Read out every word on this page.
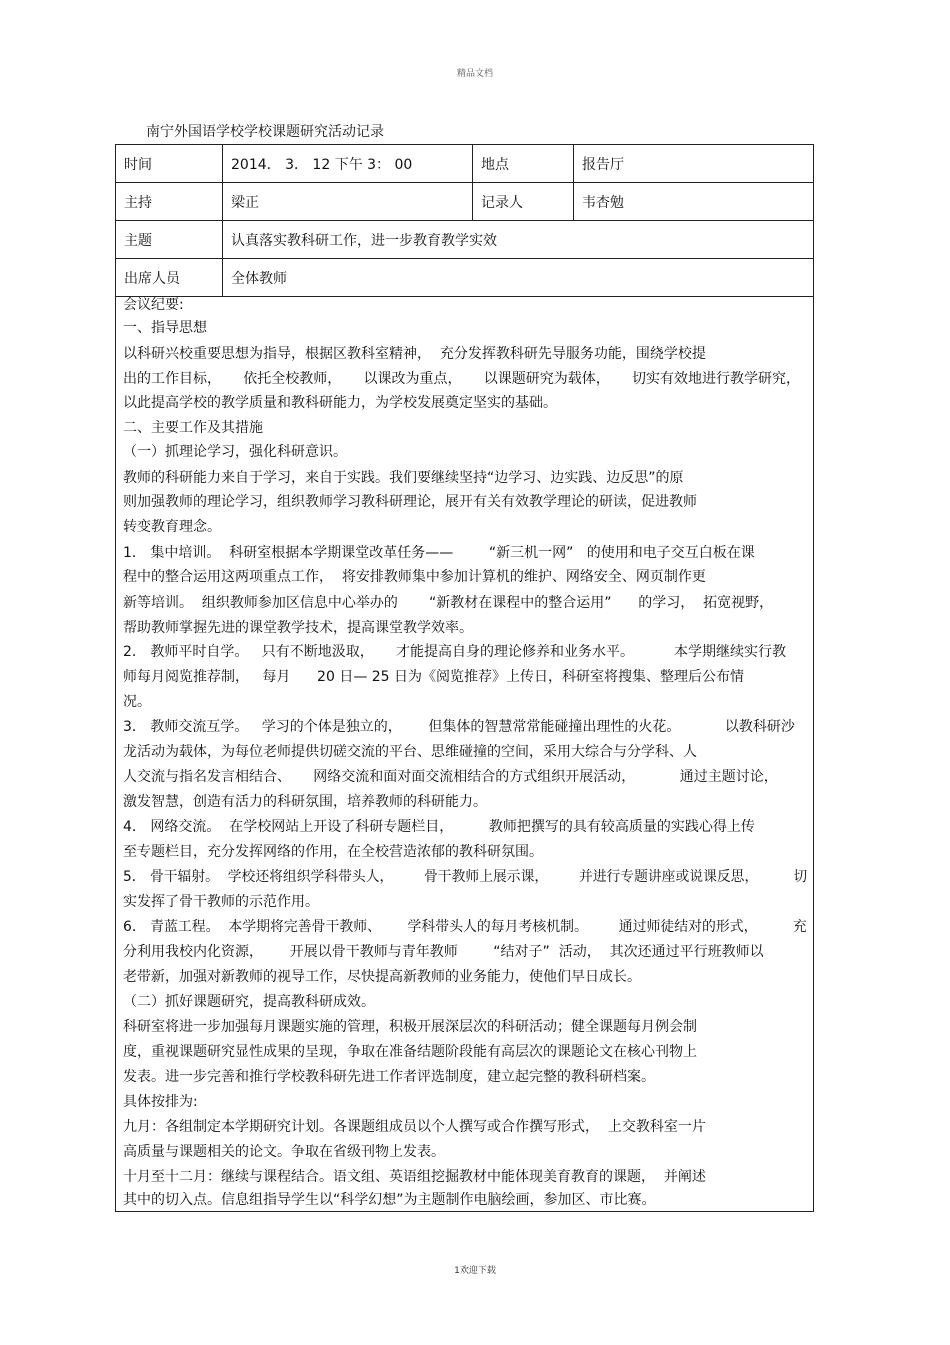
精品文档
南宁外国语学校学校课题研究活动记录
时间	2014． 3． 12 下午 3： 00	地点	报告厅
主持	梁正	记录人	韦杏勉
主题	认真落实教科研工作，进一步教育教学实效		
出席人员	全体教师		
会议纪要:
一、指导思想
以科研兴校重要思想为指导，根据区教科室精神，  充分发挥教科研先导服务功能，围绕学校提
出的工作目标，     依托全校教师，     以课改为重点，     以课题研究为载体，     切实有效地进行教学研究，
以此提高学校的教学质量和教科研能力，为学校发展奠定坚实的基础。
二、主要工作及其措施
（一）抓理论学习，强化科研意识。
教师的科研能力来自于学习，来自于实践。我们要继续坚持“边学习、边实践、边反思”的原
则加强教师的理论学习，组织教师学习教科研理论，展开有关有效教学理论的研读，促进教师
转变教育理念。
1． 集中培训。  科研室根据本学期课堂改革任务——        “新三机一网”   的使用和电子交互白板在课
程中的整合运用这两项重点工作，  将安排教师集中参加计算机的维护、网络安全、网页制作更
新等培训。  组织教师参加区信息中心举办的       “新教材在课程中的整合运用”      的学习，  拓宽视野，
帮助教师掌握先进的课堂教学技术，提高课堂教学效率。
2． 教师平时自学。   只有不断地汲取，     才能提高自身的理论修养和业务水平。         本学期继续实行教
师每月阅览推荐制，   每月      20 日— 25 日为《阅览推荐》上传日，科研室将搜集、整理后公布情
况。
3． 教师交流互学。   学习的个体是独立的，      但集体的智慧常常能碰撞出理性的火花。          以教科研沙
龙活动为载体，为每位老师提供切磋交流的平台、思维碰撞的空间，采用大综合与分学科、人
人交流与指名发言相结合、     网络交流和面对面交流相结合的方式组织开展活动，          通过主题讨论，
激发智慧，创造有活力的科研氛围，培养教师的科研能力。
4． 网络交流。  在学校网站上开设了科研专题栏目，        教师把撰写的具有较高质量的实践心得上传
至专题栏目，充分发挥网络的作用，在全校营造浓郁的教科研氛围。
5． 骨干辐射。  学校还将组织学科带头人，       骨干教师上展示课，       并进行专题讲座或说课反思，        切
实发挥了骨干教师的示范作用。
6． 青蓝工程。  本学期将完善骨干教师、      学科带头人的每月考核机制。       通过师徒结对的形式，        充
分利用我校内化资源，      开展以骨干教师与青年教师        “结对子”  活动，  其次还通过平行班教师以
老带新，加强对新教师的视导工作，尽快提高新教师的业务能力，使他们早日成长。
（二）抓好课题研究，提高教科研成效。
科研室将进一步加强每月课题实施的管理，积极开展深层次的科研活动；健全课题每月例会制
度，重视课题研究显性成果的呈现，争取在准备结题阶段能有高层次的课题论文在核心刊物上
发表。进一步完善和推行学校教科研先进工作者评选制度，建立起完整的教科研档案。
具体按排为:
九月：各组制定本学期研究计划。各课题组成员以个人撰写或合作撰写形式，  上交教科室一片
高质量与课题相关的论文。争取在省级刊物上发表。
十月至十二月：继续与课程结合。语文组、英语组挖掘教材中能体现美育教育的课题，  并阐述
其中的切入点。信息组指导学生以“科学幻想”为主题制作电脑绘画，参加区、市比赛。
1欢迎下载
